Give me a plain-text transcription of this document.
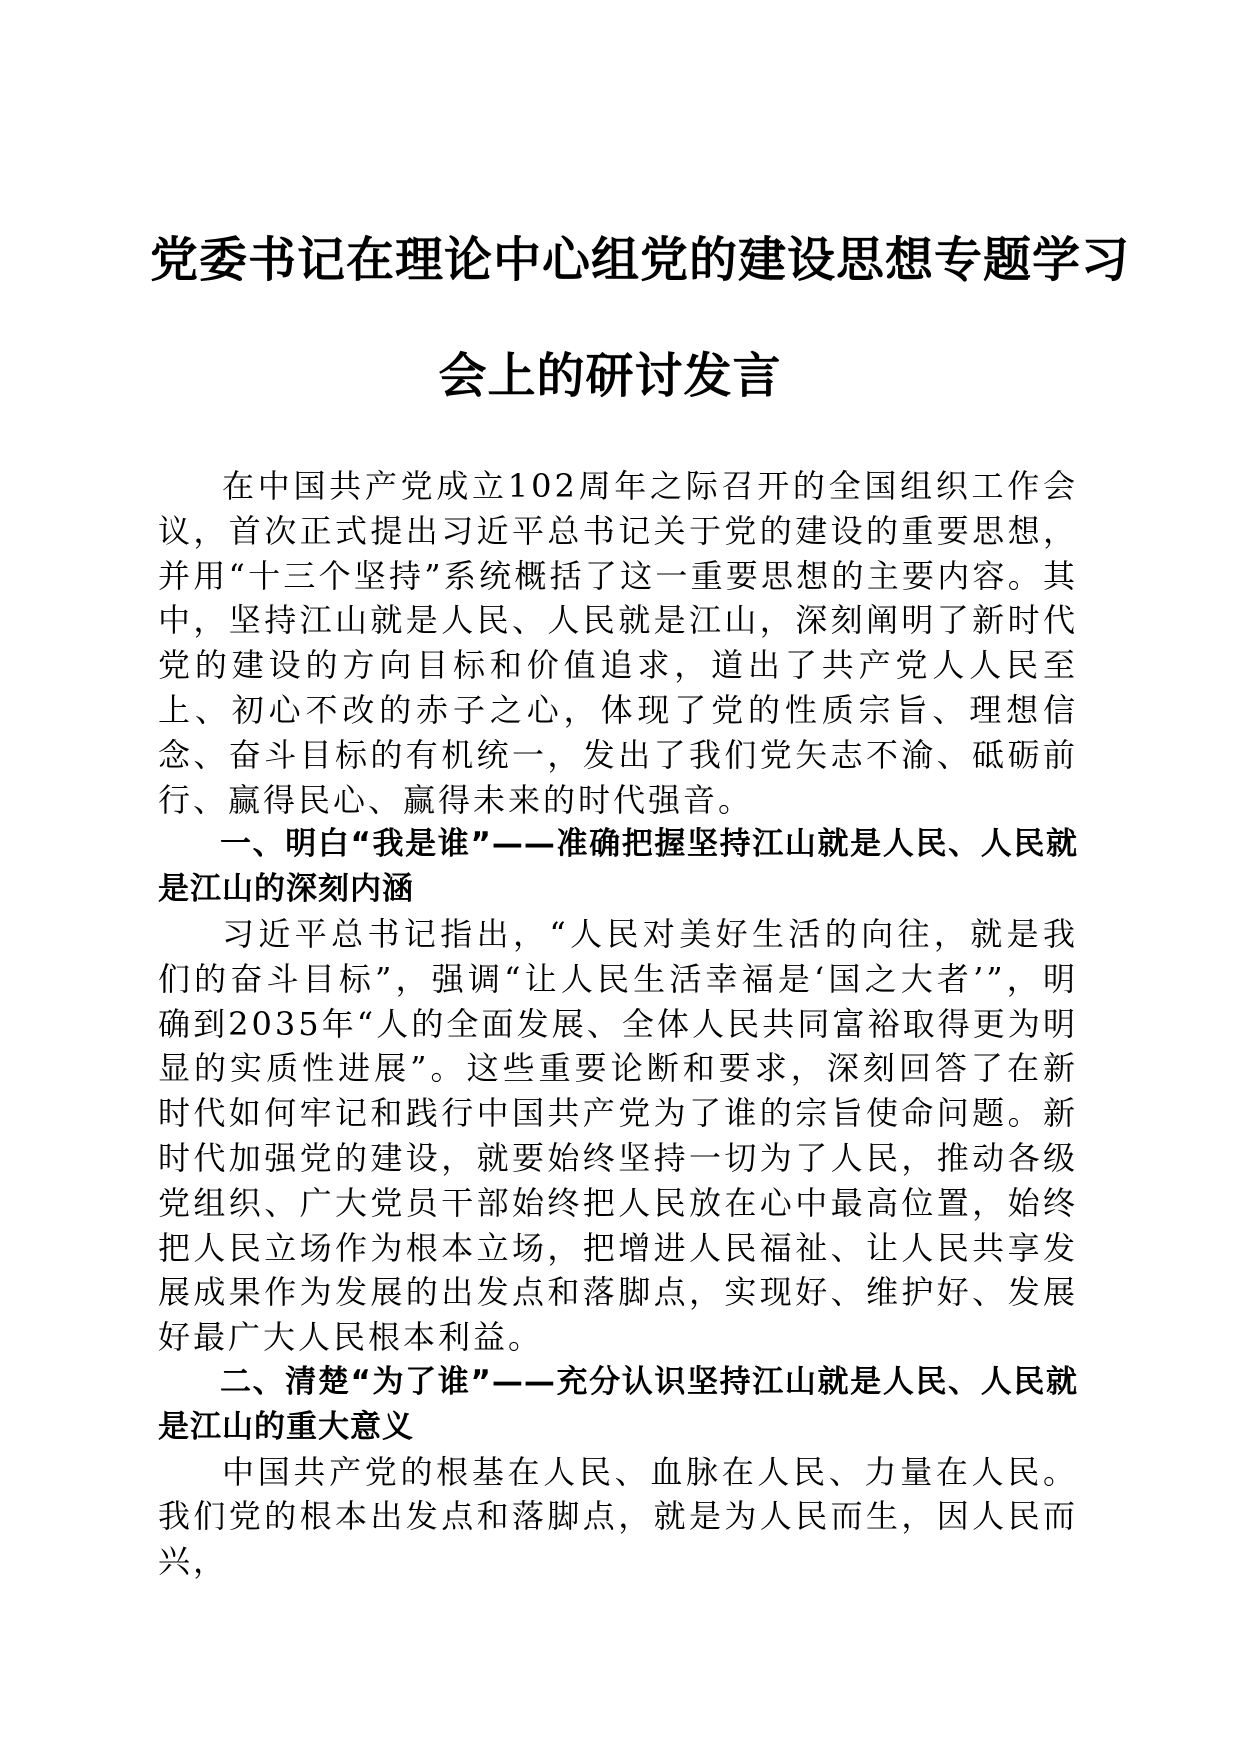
党委书记在理论中心组党的建设思想专题学习
会上的研讨发言

在中国共产党成立102周年之际召开的全国组织工作会议，首次正式提出习近平总书记关于党的建设的重要思想，并用“十三个坚持”系统概括了这一重要思想的主要内容。其中，坚持江山就是人民、人民就是江山，深刻阐明了新时代党的建设的方向目标和价值追求，道出了共产党人人民至上、初心不改的赤子之心，体现了党的性质宗旨、理想信念、奋斗目标的有机统一，发出了我们党矢志不渝、砥砺前行、赢得民心、赢得未来的时代强音。

一、明白“我是谁”——准确把握坚持江山就是人民、人民就是江山的深刻内涵

习近平总书记指出，“人民对美好生活的向往，就是我们的奋斗目标”，强调“让人民生活幸福是‘国之大者’”，明确到2035年“人的全面发展、全体人民共同富裕取得更为明显的实质性进展”。这些重要论断和要求，深刻回答了在新时代如何牢记和践行中国共产党为了谁的宗旨使命问题。新时代加强党的建设，就要始终坚持一切为了人民，推动各级党组织、广大党员干部始终把人民放在心中最高位置，始终把人民立场作为根本立场，把增进人民福祉、让人民共享发展成果作为发展的出发点和落脚点，实现好、维护好、发展好最广大人民根本利益。

二、清楚“为了谁”——充分认识坚持江山就是人民、人民就是江山的重大意义

中国共产党的根基在人民、血脉在人民、力量在人民。我们党的根本出发点和落脚点，就是为人民而生，因人民而兴，
